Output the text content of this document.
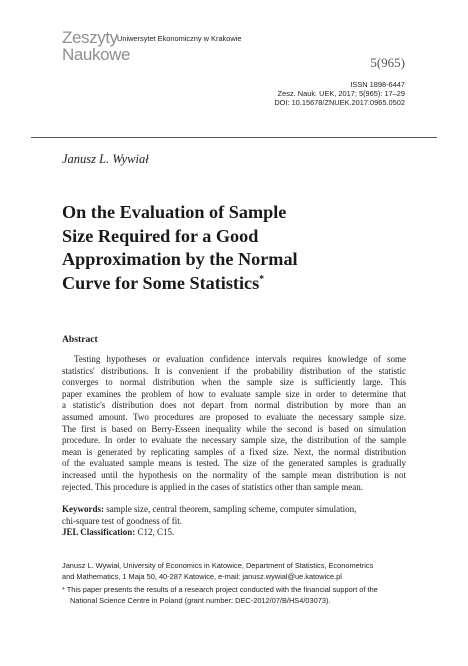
Zeszyty
Naukowe
Uniwersytet Ekonomiczny w Krakowie
5(965)
ISSN 1898-6447
Zesz. Nauk. UEK, 2017; 5(965): 17–29
DOI: 10.15678/ZNUEK.2017.0965.0502
Janusz L. Wywiał
On the Evaluation of Sample
Size Required for a Good
Approximation by the Normal
Curve for Some Statistics*
Abstract
Testing hypotheses or evaluation confidence intervals requires knowledge of some
statistics' distributions. It is convenient if the probability distribution of the statistic
converges to normal distribution when the sample size is sufficiently large. This
paper examines the problem of how to evaluate sample size in order to determine that
a statistic's distribution does not depart from normal distribution by more than an
assumed amount. Two procedures are proposed to evaluate the necessary sample size.
The first is based on Berry-Esseen inequality while the second is based on simulation
procedure. In order to evaluate the necessary sample size, the distribution of the sample
mean is generated by replicating samples of a fixed size. Next, the normal distribution
of the evaluated sample means is tested. The size of the generated samples is gradually
increased until the hypothesis on the normality of the sample mean distribution is not
rejected. This procedure is applied in the cases of statistics other than sample mean.
Keywords: sample size, central theorem, sampling scheme, computer simulation,
chi-square test of goodness of fit.
JEL Classification: C12, C15.
Janusz L. Wywiał, University of Economics in Katowice, Department of Statistics, Econometrics
and Mathematics, 1 Maja 50, 40-287 Katowice, e-mail: janusz.wywial@ue.katowice.pl
* This paper presents the results of a research project conducted with the financial support of the
National Science Centre in Poland (grant number: DEC-2012/07/B/HS4/03073).
